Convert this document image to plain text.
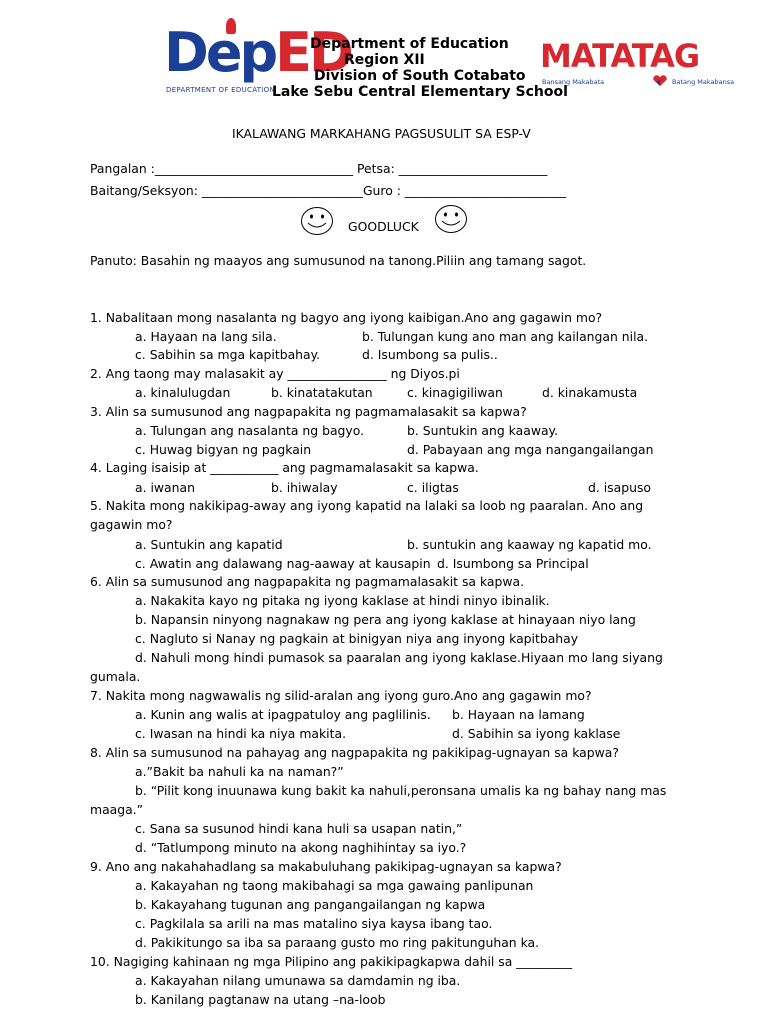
DepED
DEPARTMENT OF EDUCATION
MATATAG
Bansang Makabata	Batang Makabansa
Department of Education
Region XII
Division of South Cotabato
Lake Sebu Central Elementary School
IKALAWANG MARKAHANG PAGSUSULIT SA ESP-V
Pangalan :________________________________ Petsa: ________________________
Baitang/Seksyon: __________________________Guro : __________________________
GOODLUCK
Panuto: Basahin ng maayos ang sumusunod na tanong.Piliin ang tamang sagot.
1. Nabalitaan mong nasalanta ng bagyo ang iyong kaibigan.Ano ang gagawin mo?
a. Hayaan na lang sila.	b. Tulungan kung ano man ang kailangan nila.
c. Sabihin sa mga kapitbahay.	d. Isumbong sa pulis..
2. Ang taong may malasakit ay ________________ ng Diyos.pi
a. kinalulugdan	b. kinatatakutan	c. kinagigiliwan	d. kinakamusta
3. Alin sa sumusunod ang nagpapakita ng pagmamalasakit sa kapwa?
a. Tulungan ang nasalanta ng bagyo.	b. Suntukin ang kaaway.
c. Huwag bigyan ng pagkain	d. Pabayaan ang mga nangangailangan
4. Laging isaisip at ___________ ang pagmamalasakit sa kapwa.
a. iwanan	b. ihiwalay	c. iligtas	d. isapuso
5. Nakita mong nakikipag-away ang iyong kapatid na lalaki sa loob ng paaralan. Ano ang
gagawin mo?
a. Suntukin ang kapatid	b. suntukin ang kaaway ng kapatid mo.
c. Awatin ang dalawang nag-aaway at kausapin d. Isumbong sa Principal
6. Alin sa sumusunod ang nagpapakita ng pagmamalasakit sa kapwa.
a. Nakakita kayo ng pitaka ng iyong kaklase at hindi ninyo ibinalik.
b. Napansin ninyong nagnakaw ng pera ang iyong kaklase at hinayaan niyo lang
c. Nagluto si Nanay ng pagkain at binigyan niya ang inyong kapitbahay
d. Nahuli mong hindi pumasok sa paaralan ang iyong kaklase.Hiyaan mo lang siyang
gumala.
7. Nakita mong nagwawalis ng silid-aralan ang iyong guro.Ano ang gagawin mo?
a. Kunin ang walis at ipagpatuloy ang paglilinis. b. Hayaan na lamang
c. Iwasan na hindi ka niya makita.	d. Sabihin sa iyong kaklase
8. Alin sa sumusunod na pahayag ang nagpapakita ng pakikipag-ugnayan sa kapwa?
a.”Bakit ba nahuli ka na naman?”
b. “Pilit kong inuunawa kung bakit ka nahuli,peronsana umalis ka ng bahay nang mas
maaga.”
c. Sana sa susunod hindi kana huli sa usapan natin,”
d. “Tatlumpong minuto na akong naghihintay sa iyo.?
9. Ano ang nakahahadlang sa makabuluhang pakikipag-ugnayan sa kapwa?
a. Kakayahan ng taong makibahagi sa mga gawaing panlipunan
b. Kakayahang tugunan ang pangangailangan ng kapwa
c. Pagkilala sa arili na mas matalino siya kaysa ibang tao.
d. Pakikitungo sa iba sa paraang gusto mo ring pakitunguhan ka.
10. Nagiging kahinaan ng mga Pilipino ang pakikipagkapwa dahil sa _________
a. Kakayahan nilang umunawa sa damdamin ng iba.
b. Kanilang pagtanaw na utang –na-loob
